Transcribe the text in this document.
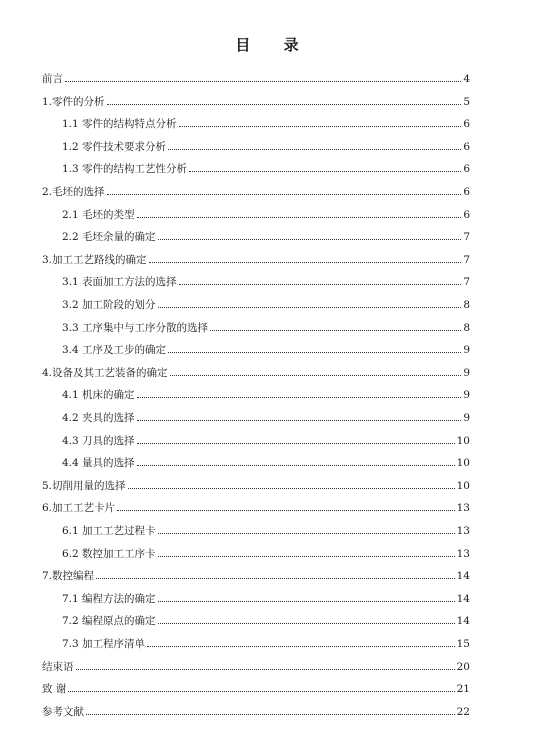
目 录
前言	4
1.零件的分析	5
1.1 零件的结构特点分析	6
1.2 零件技术要求分析	6
1.3 零件的结构工艺性分析	6
2.毛坯的选择	6
2.1 毛坯的类型	6
2.2 毛坯余量的确定	7
3.加工工艺路线的确定	7
3.1 表面加工方法的选择	7
3.2 加工阶段的划分	8
3.3 工序集中与工序分散的选择	8
3.4 工序及工步的确定	9
4.设备及其工艺装备的确定	9
4.1 机床的确定	9
4.2 夹具的选择	9
4.3 刀具的选择	10
4.4 量具的选择	10
5.切削用量的选择	10
6.加工工艺卡片	13
6.1 加工工艺过程卡	13
6.2 数控加工工序卡	13
7.数控编程	14
7.1 编程方法的确定	14
7.2 编程原点的确定	14
7.3 加工程序清单	15
结束语	20
致 谢	21
参考文献	22
